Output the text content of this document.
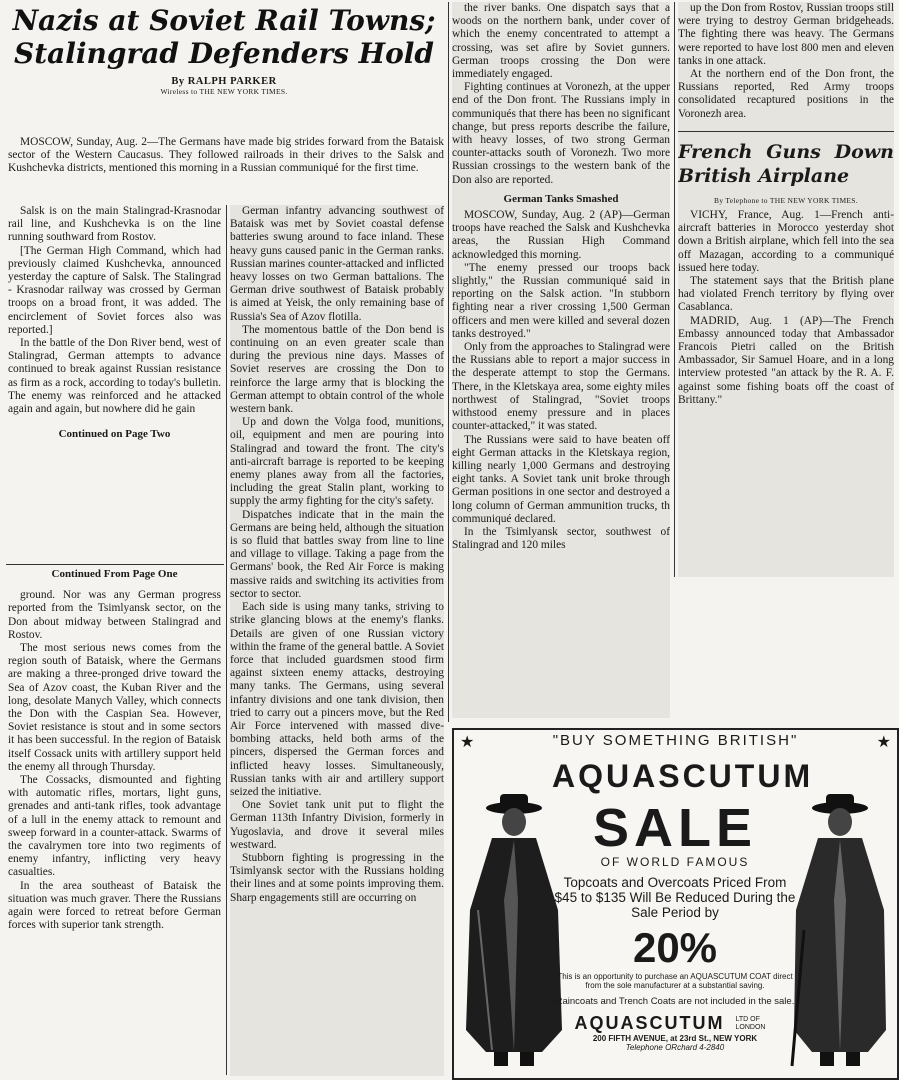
Nazis at Soviet Rail Towns; Stalingrad Defenders Hold
By RALPH PARKER
Wireless to THE NEW YORK TIMES.

MOSCOW, Sunday, Aug. 2—The Germans have made big strides forward from the Bataisk sector of the Western Caucasus. They followed railroads in their drives to the Salsk and Kushchevka districts, mentioned this morning in a Russian communiqué for the first time.

Salsk is on the main Stalingrad-Krasnodar rail line, and Kushchevka is on the line running southward from Rostov.

[The German High Command, which had previously claimed Kushchevka, announced yesterday the capture of Salsk. The Stalingrad - Krasnodar railway was crossed by German troops on a broad front, it was added. The encirclement of Soviet forces also was reported.]

In the battle of the Don River bend, west of Stalingrad, German attempts to advance continued to break against Russian resistance as firm as a rock, according to today's bulletin. The enemy was reinforced and he attacked again and again, but nowhere did he gain

Continued on Page Two
Continued From Page One

ground. Nor was any German progress reported from the Tsimlyansk sector, on the Don about midway between Stalingrad and Rostov.

The most serious news comes from the region south of Bataisk, where the Germans are making a three-pronged drive toward the Sea of Azov coast, the Kuban River and the long, desolate Manych Valley, which connects the Don with the Caspian Sea. However, Soviet resistance is stout and in some sectors it has been successful. In the region of Bataisk itself Cossack units with artillery support held the enemy all through Thursday.

The Cossacks, dismounted and fighting with automatic rifles, mortars, light guns, grenades and anti-tank rifles, took advantage of a lull in the enemy attack to remount and sweep forward in a counter-attack. Swarms of the cavalrymen tore into two regiments of enemy infantry, inflicting very heavy casualties.

In the area southeast of Bataisk the situation was much graver. There the Russians again were forced to retreat before German forces with superior tank strength.

German infantry advancing southwest of Bataisk was met by Soviet coastal defense batteries swung around to face inland. These heavy guns caused panic in the German ranks. Russian marines counter-attacked and inflicted heavy losses on two German battalions. The German drive southwest of Bataisk probably is aimed at Yeisk, the only remaining base of Russia's Sea of Azov flotilla.

The momentous battle of the Don bend is continuing on an even greater scale than during the previous nine days. Masses of Soviet reserves are crossing the Don to reinforce the large army that is blocking the German attempt to obtain control of the whole western bank.

Up and down the Volga food, munitions, oil, equipment and men are pouring into Stalingrad and toward the front. The city's anti-aircraft barrage is reported to be keeping enemy planes away from all the factories, including the great Stalin plant, working to supply the army fighting for the city's safety.

Dispatches indicate that in the main the Germans are being held, although the situation is so fluid that battles sway from line to line and village to village. Taking a page from the Germans' book, the Red Air Force is making massive raids and switching its activities from sector to sector.

Each side is using many tanks, striving to strike glancing blows at the enemy's flanks. Details are given of one Russian victory within the frame of the general battle. A Soviet force that included guardsmen stood firm against sixteen enemy attacks, destroying many tanks. The Germans, using several infantry divisions and one tank division, then tried to carry out a pincers move, but the Red Air Force intervened with massed dive-bombing attacks, held both arms of the pincers, dispersed the German forces and inflicted heavy losses. Simultaneously, Russian tanks with air and artillery support seized the initiative.

One Soviet tank unit put to flight the German 113th Infantry Division, formerly in Yugoslavia, and drove it several miles westward.

Stubborn fighting is progressing in the Tsimlyansk sector with the Russians holding their lines and at some points improving them. Sharp engagements still are occurring on

the river banks. One dispatch says that a woods on the northern bank, under cover of which the enemy concentrated to attempt a crossing, was set afire by Soviet gunners. German troops crossing the Don were immediately engaged.

Fighting continues at Voronezh, at the upper end of the Don front. The Russians imply in communiqués that there has been no significant change, but press reports describe the failure, with heavy losses, of two strong German counter-attacks south of Voronezh. Two more Russian crossings to the western bank of the Don also are reported.

German Tanks Smashed

MOSCOW, Sunday, Aug. 2 (AP)—German troops have reached the Salsk and Kushchevka areas, the Russian High Command acknowledged this morning.

"The enemy pressed our troops back slightly," the Russian communiqué said in reporting on the Salsk action. "In stubborn fighting near a river crossing 1,500 German officers and men were killed and several dozen tanks destroyed."

Only from the approaches to Stalingrad were the Russians able to report a major success in the desperate attempt to stop the Germans. There, in the Kletskaya area, some eighty miles northwest of Stalingrad, "Soviet troops withstood enemy pressure and in places counter-attacked," it was stated.

The Russians were said to have beaten off eight German attacks in the Kletskaya region, killing nearly 1,000 Germans and destroying eight tanks. A Soviet tank unit broke through German positions in one sector and destroyed a long column of German ammunition trucks, th communiqué declared.

In the Tsimlyansk sector, southwest of Stalingrad and 120 miles

up the Don from Rostov, Russian troops still were trying to destroy German bridgeheads. The fighting there was heavy. The Germans were reported to have lost 800 men and eleven tanks in one attack.

At the northern end of the Don front, the Russians reported, Red Army troops consolidated recaptured positions in the Voronezh area.

French Guns Down British Airplane
By Telephone to THE NEW YORK TIMES.

VICHY, France, Aug. 1—French anti-aircraft batteries in Morocco yesterday shot down a British airplane, which fell into the sea off Mazagan, according to a communiqué issued here today.

The statement says that the British plane had violated French territory by flying over Casablanca.

MADRID, Aug. 1 (AP)—The French Embassy announced today that Ambassador Francois Pietri called on the British Ambassador, Sir Samuel Hoare, and in a long interview protested "an attack by the R. A. F. against some fishing boats off the coast of Brittany."

★	★
"BUY SOMETHING BRITISH"
AQUASCUTUM
SALE
OF WORLD FAMOUS
Topcoats and Overcoats Priced From $45 to $135 Will Be Reduced During the Sale Period by
20%
This is an opportunity to purchase an AQUASCUTUM COAT direct from the sole manufacturer at a substantial saving.
Raincoats and Trench Coats are not included in the sale.
AQUASCUTUM LTD OF LONDON
200 FIFTH AVENUE, at 23rd St., NEW YORK
Telephone ORchard 4-2840
